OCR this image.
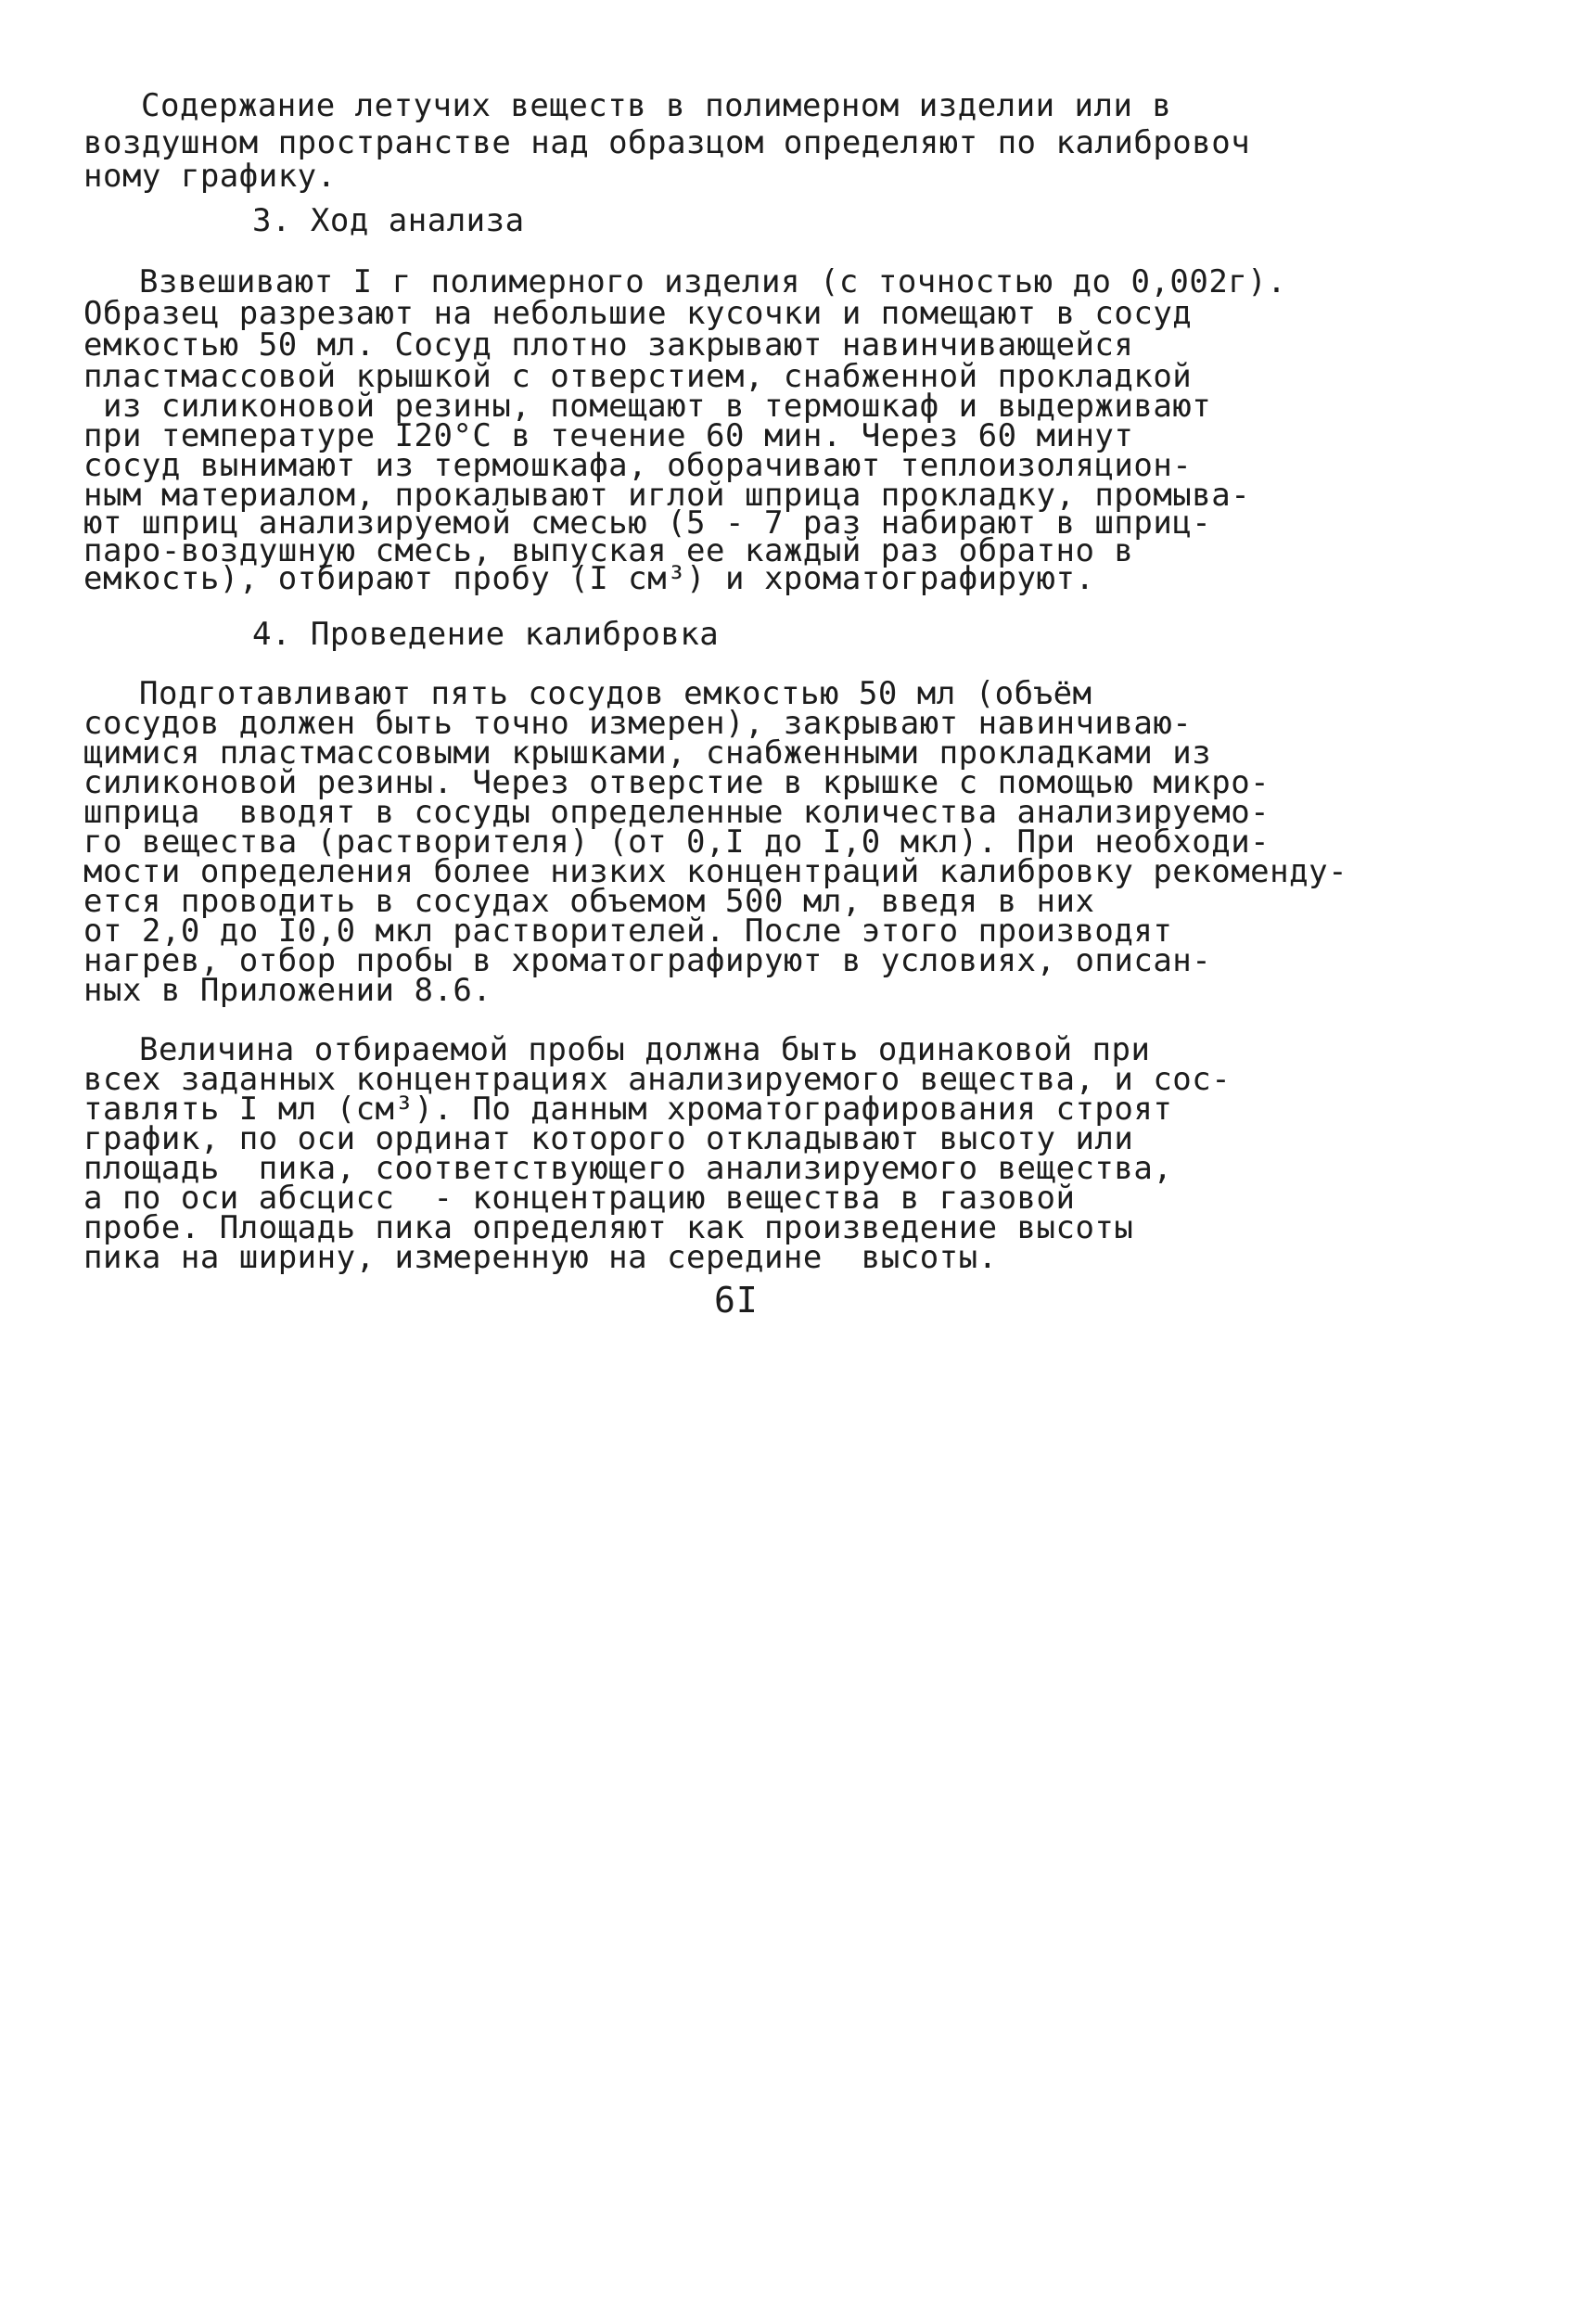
Содержание летучих веществ в полимерном изделии или в
воздушном пространстве над образцом определяют по калибровоч
ному графику.
3. Ход анализа
Взвешивают I г полимерного изделия (с точностью до 0,002г).
Образец разрезают на небольшие кусочки и помещают в сосуд
емкостью 50 мл. Сосуд плотно закрывают навинчивающейся
пластмассовой крышкой с отверстием, снабженной прокладкой
из силиконовой резины, помещают в термошкаф и выдерживают
при температуре I20°С в течение 60 мин. Через 60 минут
сосуд вынимают из термошкафа, оборачивают теплоизоляцион-
ным материалом, прокалывают иглой шприца прокладку, промыва-
ют шприц анализируемой смесью (5 - 7 раз набирают в шприц-
паро-воздушную смесь, выпуская ее каждый раз обратно в
емкость), отбирают пробу (I см³) и хроматографируют.
4. Проведение калибровка
Подготавливают пять сосудов емкостью 50 мл (объём
сосудов должен быть точно измерен), закрывают навинчиваю-
щимися пластмассовыми крышками, снабженными прокладками из
силиконовой резины. Через отверстие в крышке с помощью микро-
шприца  вводят в сосуды определенные количества анализируемо-
го вещества (растворителя) (от 0,I до I,0 мкл). При необходи-
мости определения более низких концентраций калибровку рекоменду-
ется проводить в сосудах объемом 500 мл, введя в них
от 2,0 до I0,0 мкл растворителей. После этого производят
нагрев, отбор пробы в хроматографируют в условиях, описан-
ных в Приложении 8.6.
Величина отбираемой пробы должна быть одинаковой при
всех заданных концентрациях анализируемого вещества, и сос-
тавлять I мл (см³). По данным хроматографирования строят
график, по оси ординат которого откладывают высоту или
площадь  пика, соответствующего анализируемого вещества,
а по оси абсцисс  - концентрацию вещества в газовой
пробе. Площадь пика определяют как произведение высоты
пика на ширину, измеренную на середине  высоты.
6I
